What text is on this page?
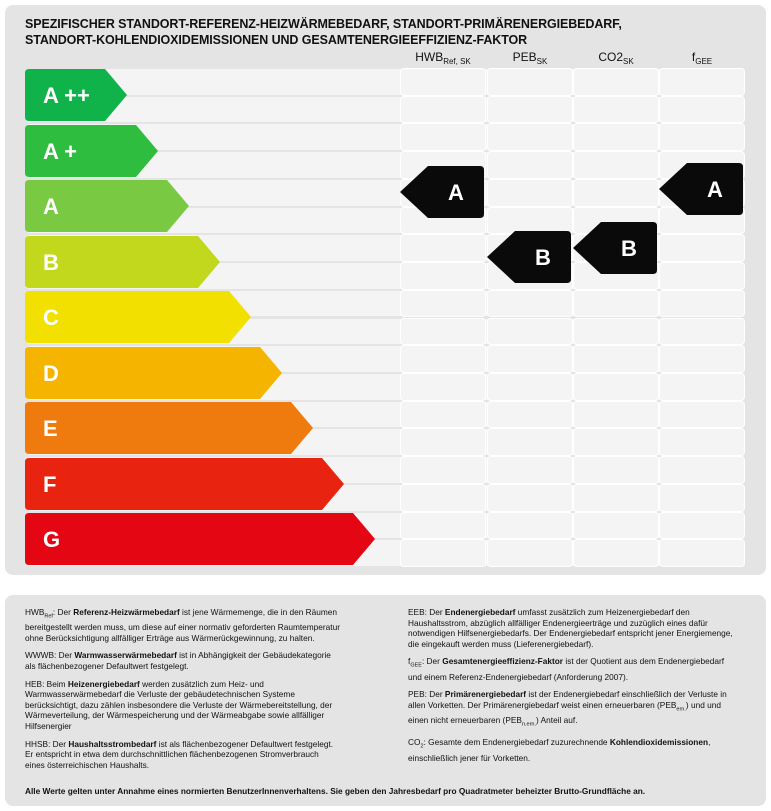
SPEZIFISCHER STANDORT-REFERENZ-HEIZWÄRMEBEDARF, STANDORT-PRIMÄRENERGIEBEDARF,
STANDORT-KOHLENDIOXIDEMISSIONEN UND GESAMTENERGIEEFFIZIENZ-FAKTOR
$HWB_{Ref, SK}$	$PEB_{SK}$	$CO2_{SK}$	$f_{GEE}$
A ++
A +
A
B
C
D
E
F
G
A
B	B
A

$HWB_{Ref}$: Der Referenz-Heizwärmebedarf ist jene Wärmemenge, die in den Räumen bereitgestellt werden muss, um diese auf einer normativ geforderten Raumtemperatur ohne Berücksichtigung allfälliger Erträge aus Wärmerückgewinnung, zu halten.

WWWB: Der Warmwasserwärmebedarf ist in Abhängigkeit der Gebäudekategorie als flächenbezogener Defaultwert festgelegt.

HEB: Beim Heizenergiebedarf werden zusätzlich zum Heiz- und Warmwasserwärmebedarf die Verluste der gebäudetechnischen Systeme berücksichtigt, dazu zählen insbesondere die Verluste der Wärmebereitstellung, der Wärmeverteilung, der Wärmespeicherung und der Wärmeabgabe sowie allfälliger Hilfsenergier

HHSB: Der Haushaltsstrombedarf ist als flächenbezogener Defaultwert festgelegt. Er entspricht in etwa dem durchschnittlichen flächenbezogenen Stromverbrauch eines österreichischen Haushalts.

EEB: Der Endenergiebedarf umfasst zusätzlich zum Heizenergiebedarf den Haushaltsstrom, abzüglich allfälliger Endenergieerträge und zuzüglich eines dafür notwendigen Hilfsenergiebedarfs. Der Endenergiebedarf entspricht jener Energiemenge, die eingekauft werden muss (Lieferenergiebedarf).

$f_{GEE}$: Der Gesamtenergieeffizienz-Faktor ist der Quotient aus dem Endenergiebedarf und einem Referenz-Endenergiebedarf (Anforderung 2007).

PEB: Der Primärenergiebedarf ist der Endenergiebedarf einschließlich der Verluste in allen Vorketten. Der Primärenergiebedarf weist einen erneuerbaren $(PEB_{ern.})$ und und einen nicht erneuerbaren $(PEB_{n.ern.})$ Anteil auf.

$CO_2$: Gesamte dem Endenergiebedarf zuzurechnende Kohlendioxidemissionen, einschließlich jener für Vorketten.

Alle Werte gelten unter Annahme eines normierten BenutzerInnenverhaltens. Sie geben den Jahresbedarf pro Quadratmeter beheizter Brutto-Grundfläche an.
